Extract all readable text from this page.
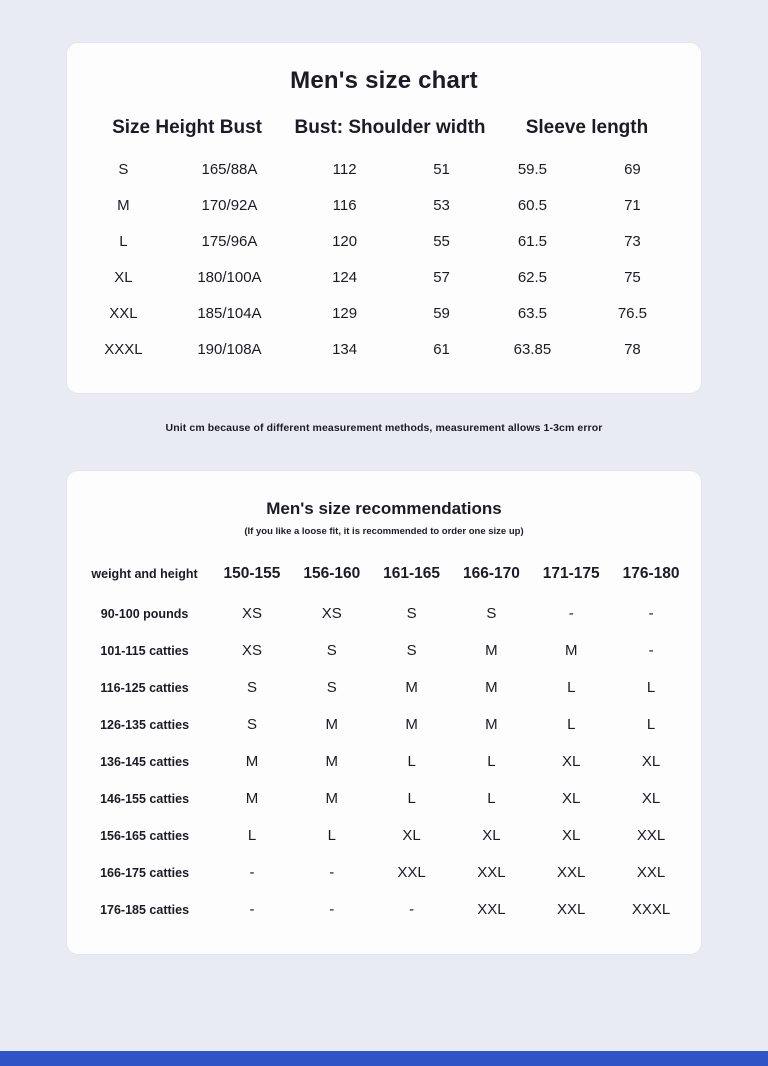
Men's size chart
Size Height Bust		Bust: Shoulder width		Sleeve length	
S	165/88A	112	51	59.5	69
M	170/92A	116	53	60.5	71
L	175/96A	120	55	61.5	73
XL	180/100A	124	57	62.5	75
XXL	185/104A	129	59	63.5	76.5
XXXL	190/108A	134	61	63.85	78

Unit cm because of different measurement methods, measurement allows 1-3cm error

Men's size recommendations

(If you like a loose fit, it is recommended to order one size up)

weight and height	150-155	156-160	161-165	166-170	171-175	176-180
90-100 pounds	XS	XS	S	S	-	-
101-115 catties	XS	S	S	M	M	-
116-125 catties	S	S	M	M	L	L
126-135 catties	S	M	M	M	L	L
136-145 catties	M	M	L	L	XL	XL
146-155 catties	M	M	L	L	XL	XL
156-165 catties	L	L	XL	XL	XL	XXL
166-175 catties	-	-	XXL	XXL	XXL	XXL
176-185 catties	-	-	-	XXL	XXL	XXXL
